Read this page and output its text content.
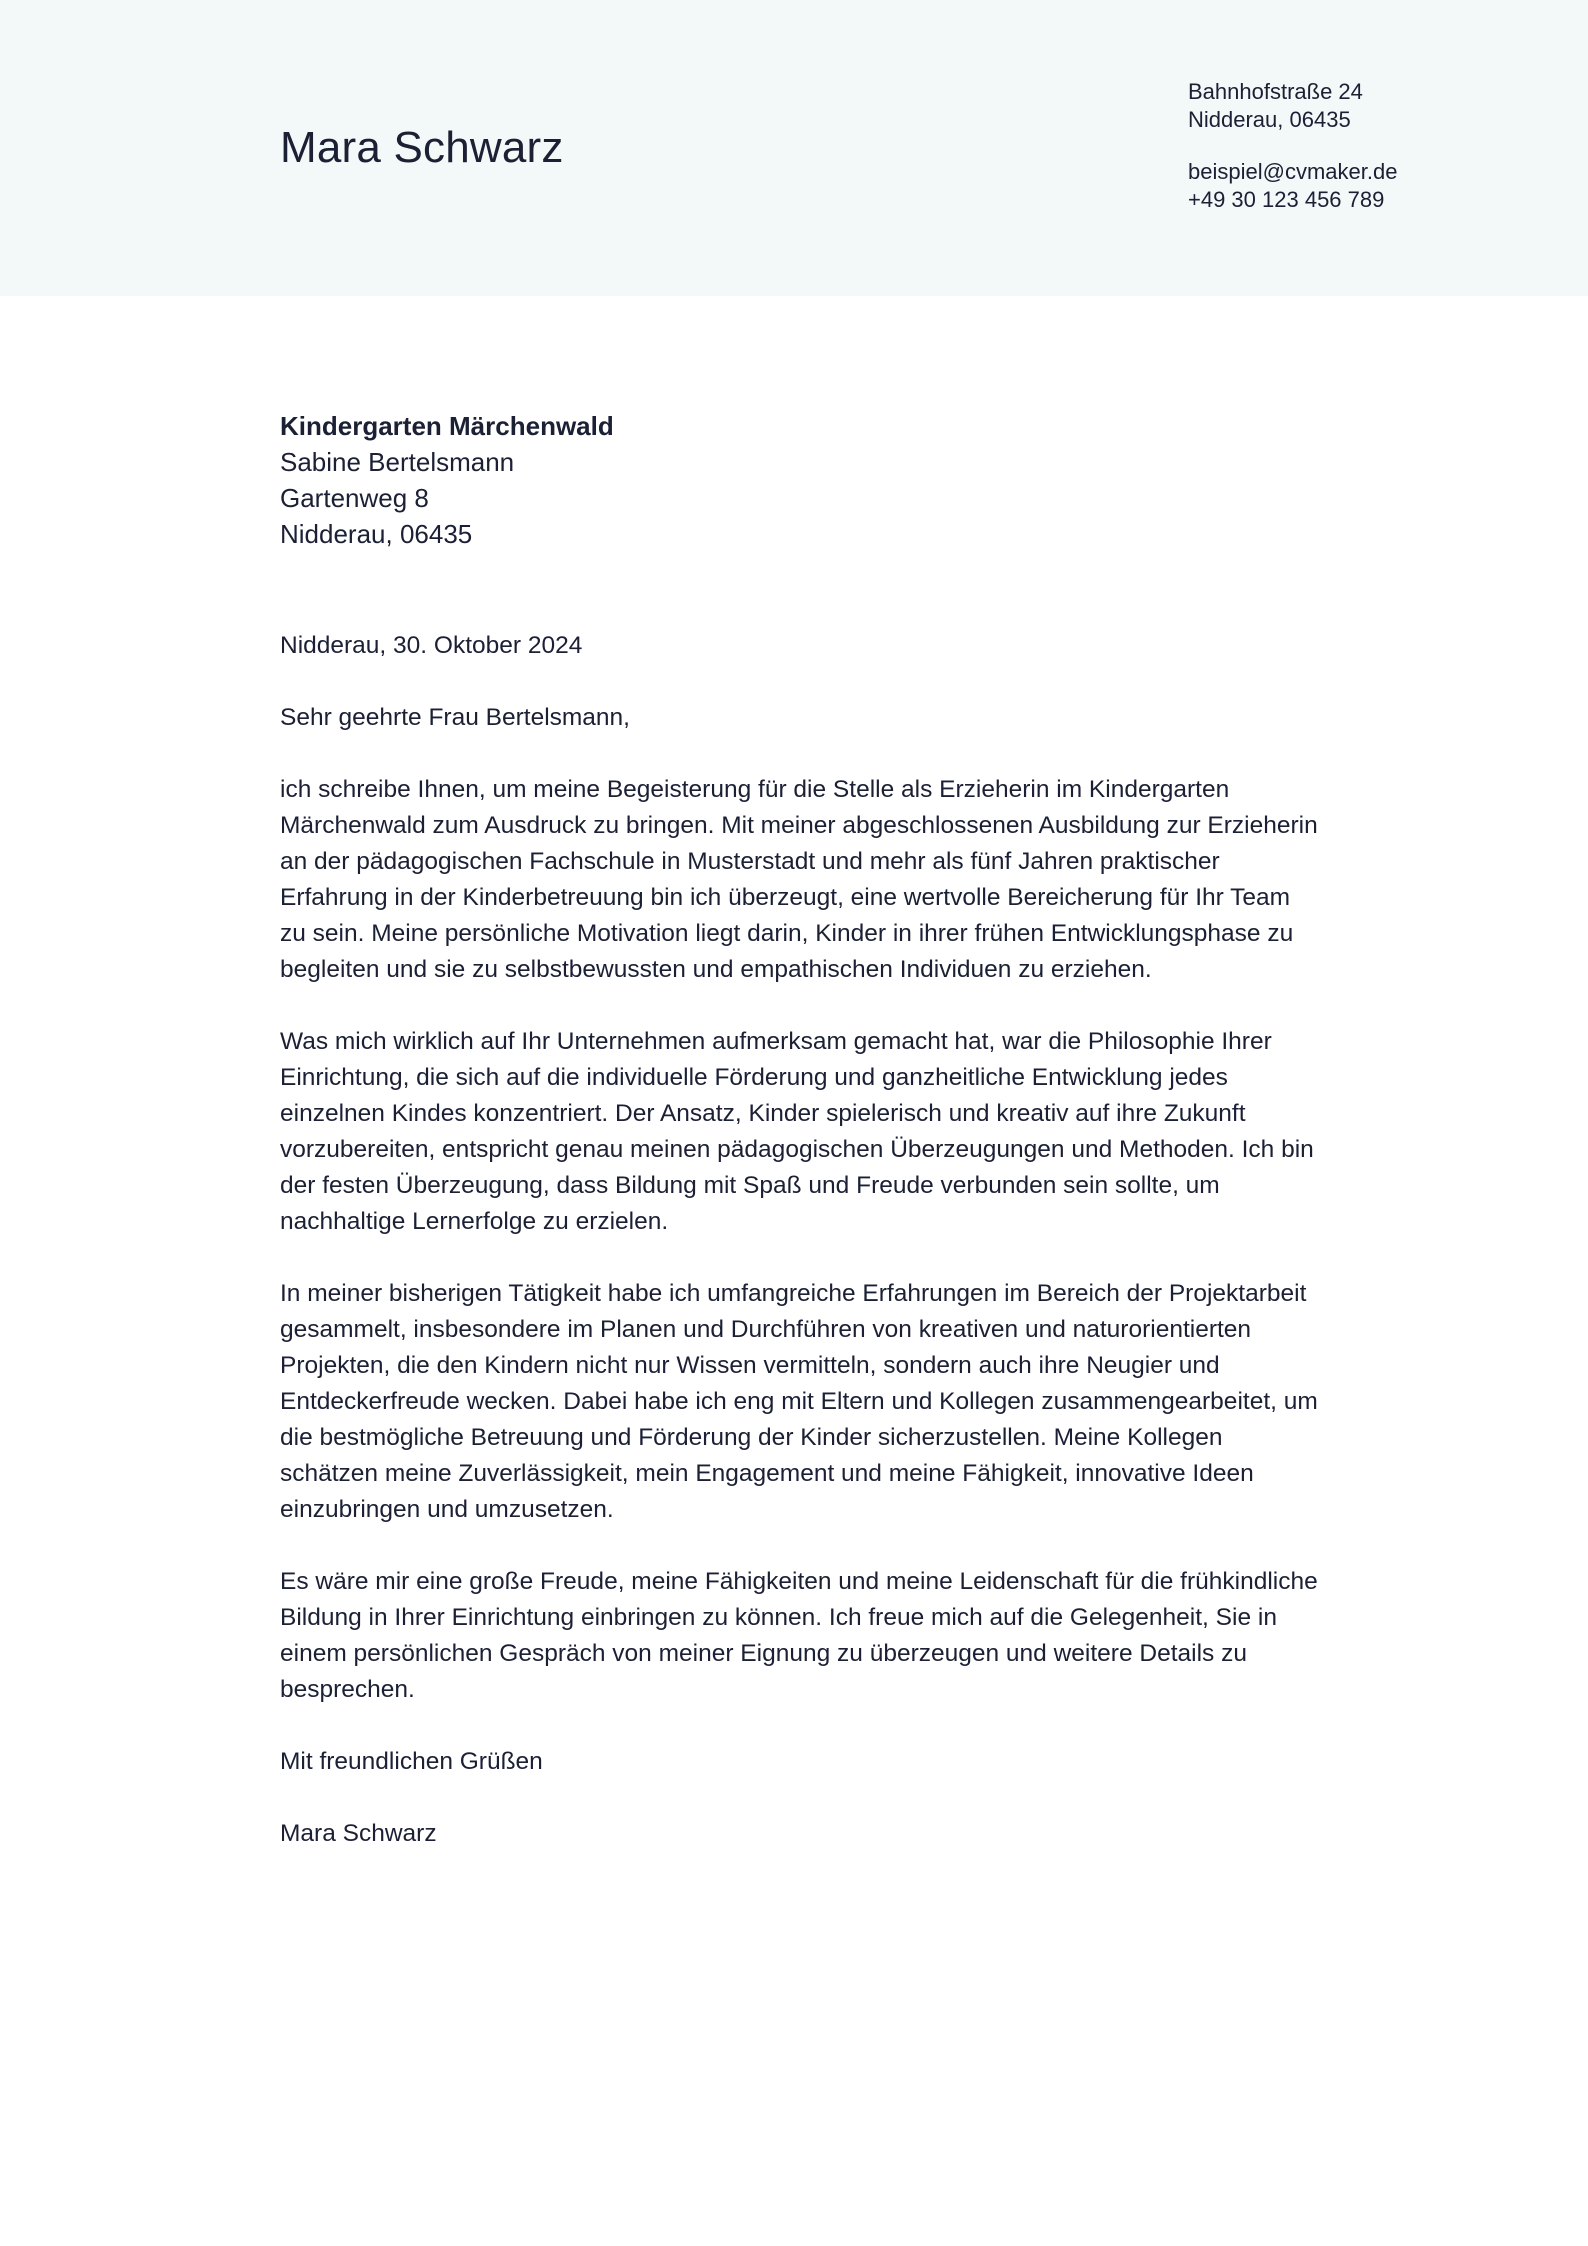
Mara Schwarz
Bahnhofstraße 24
Nidderau, 06435
beispiel@cvmaker.de
+49 30 123 456 789
Kindergarten Märchenwald
Sabine Bertelsmann
Gartenweg 8
Nidderau, 06435

Nidderau, 30. Oktober 2024

Sehr geehrte Frau Bertelsmann,

ich schreibe Ihnen, um meine Begeisterung für die Stelle als Erzieherin im Kindergarten Märchenwald zum Ausdruck zu bringen. Mit meiner abgeschlossenen Ausbildung zur Erzieherin an der pädagogischen Fachschule in Musterstadt und mehr als fünf Jahren praktischer Erfahrung in der Kinderbetreuung bin ich überzeugt, eine wertvolle Bereicherung für Ihr Team zu sein. Meine persönliche Motivation liegt darin, Kinder in ihrer frühen Entwicklungsphase zu begleiten und sie zu selbstbewussten und empathischen Individuen zu erziehen.

Was mich wirklich auf Ihr Unternehmen aufmerksam gemacht hat, war die Philosophie Ihrer Einrichtung, die sich auf die individuelle Förderung und ganzheitliche Entwicklung jedes einzelnen Kindes konzentriert. Der Ansatz, Kinder spielerisch und kreativ auf ihre Zukunft vorzubereiten, entspricht genau meinen pädagogischen Überzeugungen und Methoden. Ich bin der festen Überzeugung, dass Bildung mit Spaß und Freude verbunden sein sollte, um nachhaltige Lernerfolge zu erzielen.

In meiner bisherigen Tätigkeit habe ich umfangreiche Erfahrungen im Bereich der Projektarbeit gesammelt, insbesondere im Planen und Durchführen von kreativen und naturorientierten Projekten, die den Kindern nicht nur Wissen vermitteln, sondern auch ihre Neugier und Entdeckerfreude wecken. Dabei habe ich eng mit Eltern und Kollegen zusammengearbeitet, um die bestmögliche Betreuung und Förderung der Kinder sicherzustellen. Meine Kollegen schätzen meine Zuverlässigkeit, mein Engagement und meine Fähigkeit, innovative Ideen einzubringen und umzusetzen.

Es wäre mir eine große Freude, meine Fähigkeiten und meine Leidenschaft für die frühkindliche Bildung in Ihrer Einrichtung einbringen zu können. Ich freue mich auf die Gelegenheit, Sie in einem persönlichen Gespräch von meiner Eignung zu überzeugen und weitere Details zu besprechen.

Mit freundlichen Grüßen

Mara Schwarz
